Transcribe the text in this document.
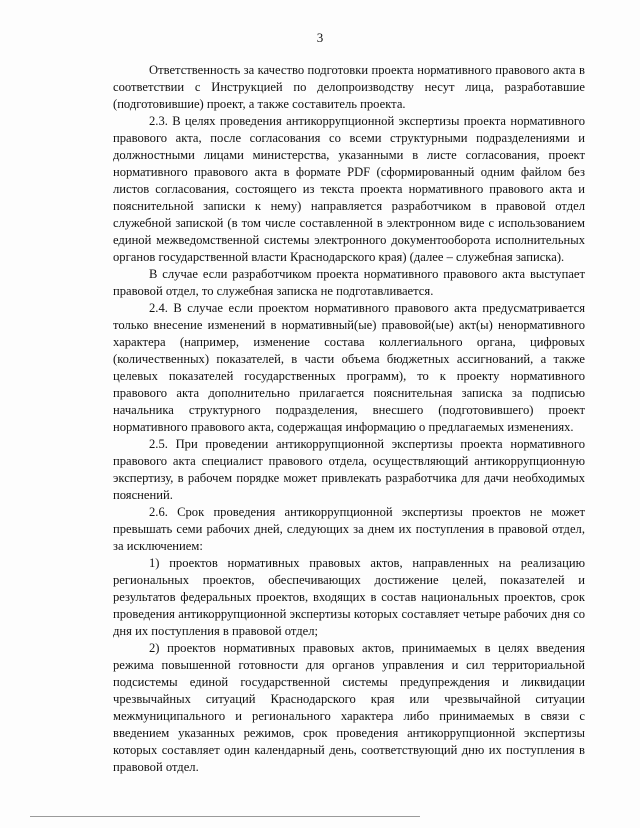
3

Ответственность за качество подготовки проекта нормативного правового акта в соответствии с Инструкцией по делопроизводству несут лица, разработавшие (подготовившие) проект, а также составитель проекта.

2.3. В целях проведения антикоррупционной экспертизы проекта нормативного правового акта, после согласования со всеми структурными подразделениями и должностными лицами министерства, указанными в листе согласования, проект нормативного правового акта в формате PDF (сформированный одним файлом без листов согласования, состоящего из текста проекта нормативного правового акта и пояснительной записки к нему) направляется разработчиком в правовой отдел служебной запиской (в том числе составленной в электронном виде с использованием единой межведомственной системы электронного документооборота исполнительных органов государственной власти Краснодарского края) (далее – служебная записка).

В случае если разработчиком проекта нормативного правового акта выступает правовой отдел, то служебная записка не подготавливается.

2.4. В случае если проектом нормативного правового акта предусматривается только внесение изменений в нормативный(ые) правовой(ые) акт(ы) ненормативного характера (например, изменение состава коллегиального органа, цифровых (количественных) показателей, в части объема бюджетных ассигнований, а также целевых показателей государственных программ), то к проекту нормативного правового акта дополнительно прилагается пояснительная записка за подписью начальника структурного подразделения, внесшего (подготовившего) проект нормативного правового акта, содержащая информацию о предлагаемых изменениях.

2.5. При проведении антикоррупционной экспертизы проекта нормативного правового акта специалист правового отдела, осуществляющий антикоррупционную экспертизу, в рабочем порядке может привлекать разработчика для дачи необходимых пояснений.

2.6. Срок проведения антикоррупционной экспертизы проектов не может превышать семи рабочих дней, следующих за днем их поступления в правовой отдел, за исключением:

1) проектов нормативных правовых актов, направленных на реализацию региональных проектов, обеспечивающих достижение целей, показателей и результатов федеральных проектов, входящих в состав национальных проектов, срок проведения антикоррупционной экспертизы которых составляет четыре рабочих дня со дня их поступления в правовой отдел;

2) проектов нормативных правовых актов, принимаемых в целях введения режима повышенной готовности для органов управления и сил территориальной подсистемы единой государственной системы предупреждения и ликвидации чрезвычайных ситуаций Краснодарского края или чрезвычайной ситуации межмуниципального и регионального характера либо принимаемых в связи с введением указанных режимов, срок проведения антикоррупционной экспертизы которых составляет один календарный день, соответствующий дню их поступления в правовой отдел.
